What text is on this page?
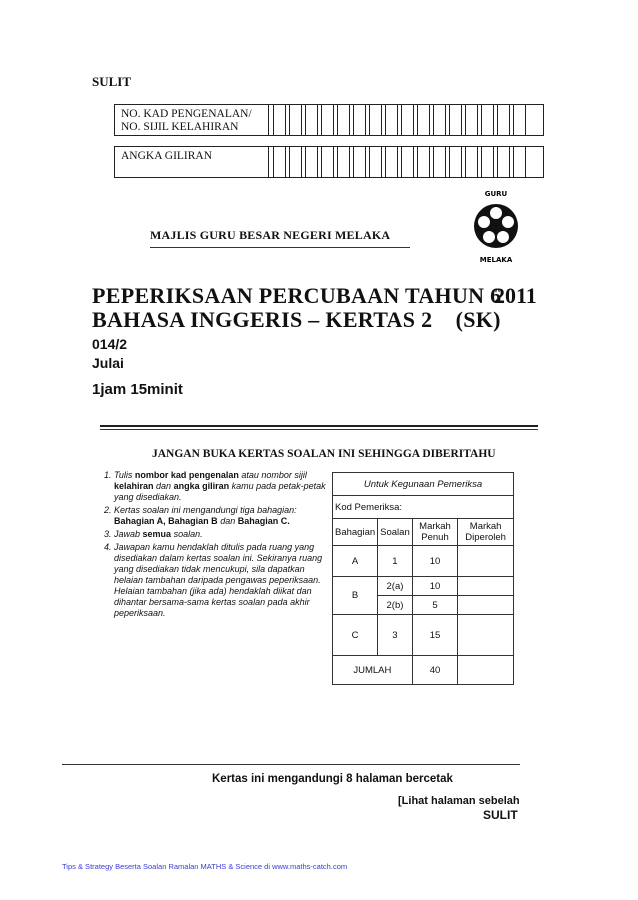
SULIT
NO. KAD PENGENALAN/
NO. SIJIL KELAHIRAN
ANGKA GILIRAN
GURU
MELAKA
MAJLIS GURU BESAR NEGERI MELAKA
PEPERIKSAAN PERCUBAAN TAHUN 6
2011
BAHASA INGGERIS – KERTAS 2    (SK)
014/2
Julai
1jam 15minit
JANGAN BUKA KERTAS SOALAN INI SEHINGGA DIBERITAHU
1. Tulis nombor kad pengenalan atau nombor sijil kelahiran dan angka giliran kamu pada petak-petak yang disediakan.
2. Kertas soalan ini mengandungi tiga bahagian: Bahagian A, Bahagian B dan Bahagian C.
3. Jawab semua soalan.
4. Jawapan kamu hendaklah ditulis pada ruang yang disediakan dalam kertas soalan ini. Sekiranya ruang yang disediakan tidak mencukupi, sila dapatkan helaian tambahan daripada pengawas peperiksaan. Helaian tambahan (jika ada) hendaklah diikat dan dihantar bersama-sama kertas soalan pada akhir peperiksaan.
Untuk Kegunaan Pemeriksa			
Kod Pemeriksa:			
Bahagian	Soalan	Markah Penuh	Markah Diperoleh
A	1	10	
B	2(a)	10	
	2(b)	5	
C	3	15	
JUMLAH		40	
Kertas ini mengandungi 8 halaman bercetak
[Lihat halaman sebelah
SULIT
Tips & Strategy Beserta Soalan Ramalan MATHS & Science di www.maths-catch.com
